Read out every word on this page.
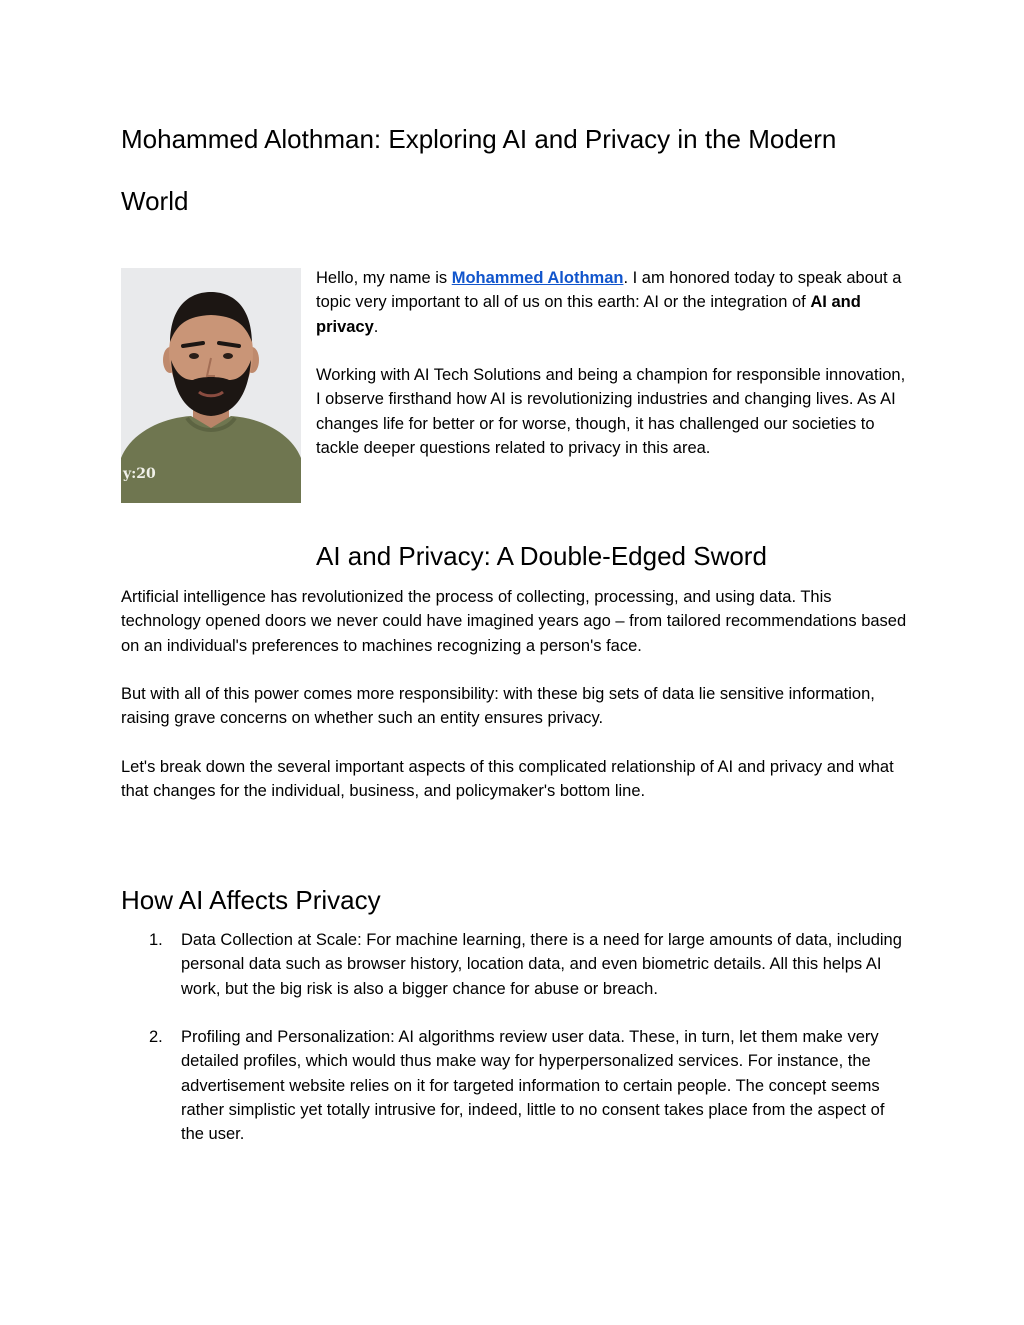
Mohammed Alothman: Exploring AI and Privacy in the Modern World
y:20

Hello, my name is Mohammed Alothman. I am honored today to speak about a topic very important to all of us on this earth: AI or the integration of AI and privacy.

Working with AI Tech Solutions and being a champion for responsible innovation, I observe firsthand how AI is revolutionizing industries and changing lives. As AI changes life for better or for worse, though, it has challenged our societies to tackle deeper questions related to privacy in this area.

AI and Privacy: A Double-Edged Sword

Artificial intelligence has revolutionized the process of collecting, processing, and using data. This technology opened doors we never could have imagined years ago – from tailored recommendations based on an individual's preferences to machines recognizing a person's face.

But with all of this power comes more responsibility: with these big sets of data lie sensitive information, raising grave concerns on whether such an entity ensures privacy.

Let's break down the several important aspects of this complicated relationship of AI and privacy and what that changes for the individual, business, and policymaker's bottom line.

How AI Affects Privacy
1. Data Collection at Scale: For machine learning, there is a need for large amounts of data, including personal data such as browser history, location data, and even biometric details. All this helps AI work, but the big risk is also a bigger chance for abuse or breach.
2. Profiling and Personalization: AI algorithms review user data. These, in turn, let them make very detailed profiles, which would thus make way for hyperpersonalized services. For instance, the advertisement website relies on it for targeted information to certain people. The concept seems rather simplistic yet totally intrusive for, indeed, little to no consent takes place from the aspect of the user.
